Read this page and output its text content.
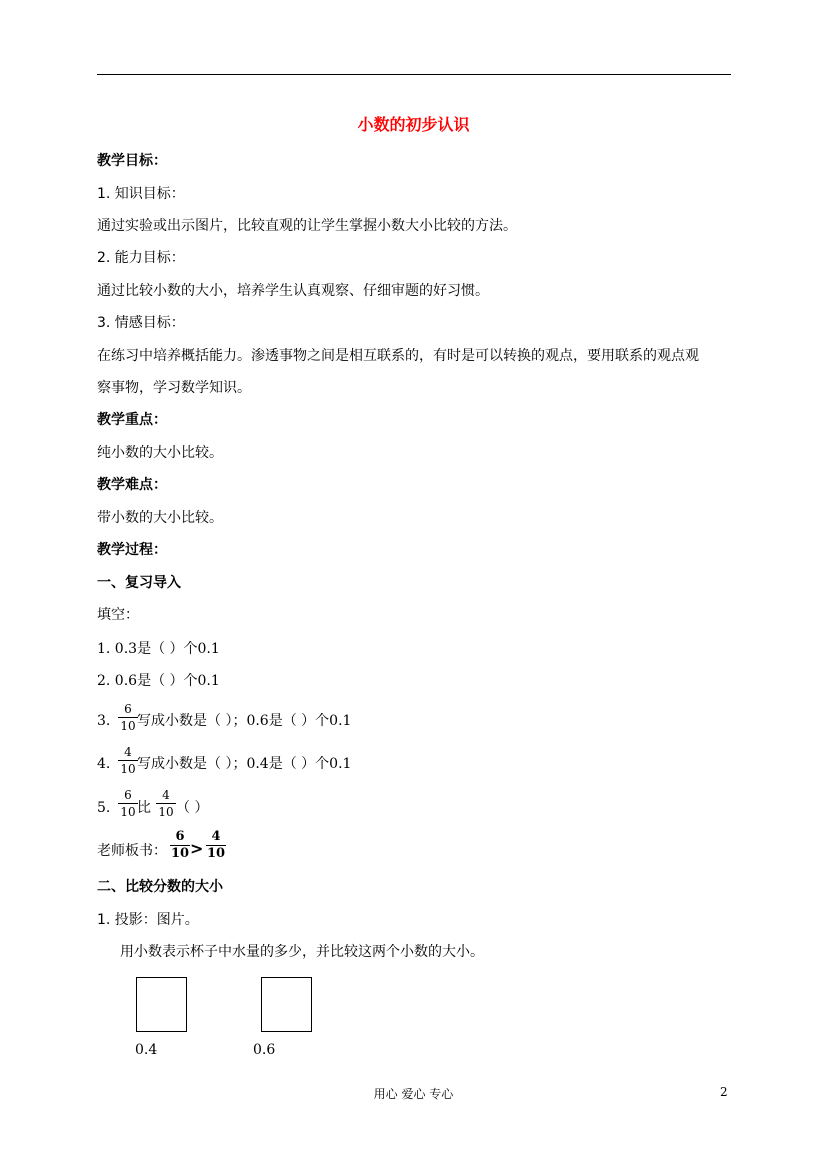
小数的初步认识
教学目标：
1. 知识目标：
通过实验或出示图片，比较直观的让学生掌握小数大小比较的方法。
2. 能力目标：
通过比较小数的大小，培养学生认真观察、仔细审题的好习惯。
3. 情感目标：
在练习中培养概括能力。渗透事物之间是相互联系的，有时是可以转换的观点，要用联系的观点观
察事物，学习数学知识。
教学重点：
纯小数的大小比较。
教学难点：
带小数的大小比较。
教学过程：
一、复习导入
填空：
1. 0.3是（ ）个0.1
2. 0.6是（ ）个0.1
3.
6
10 写成小数是（ ）；0.6是（ ）个0.1
4.
4
10 写成小数是（ ）；0.4是（ ）个0.1
5.
6
10 比
4
10 （ ）
老师板书：
6
10 >
4
10
二、比较分数的大小
1. 投影：图片。
用小数表示杯子中水量的多少，并比较这两个小数的大小。
0.4	0.6
用心 爱心 专心	2
